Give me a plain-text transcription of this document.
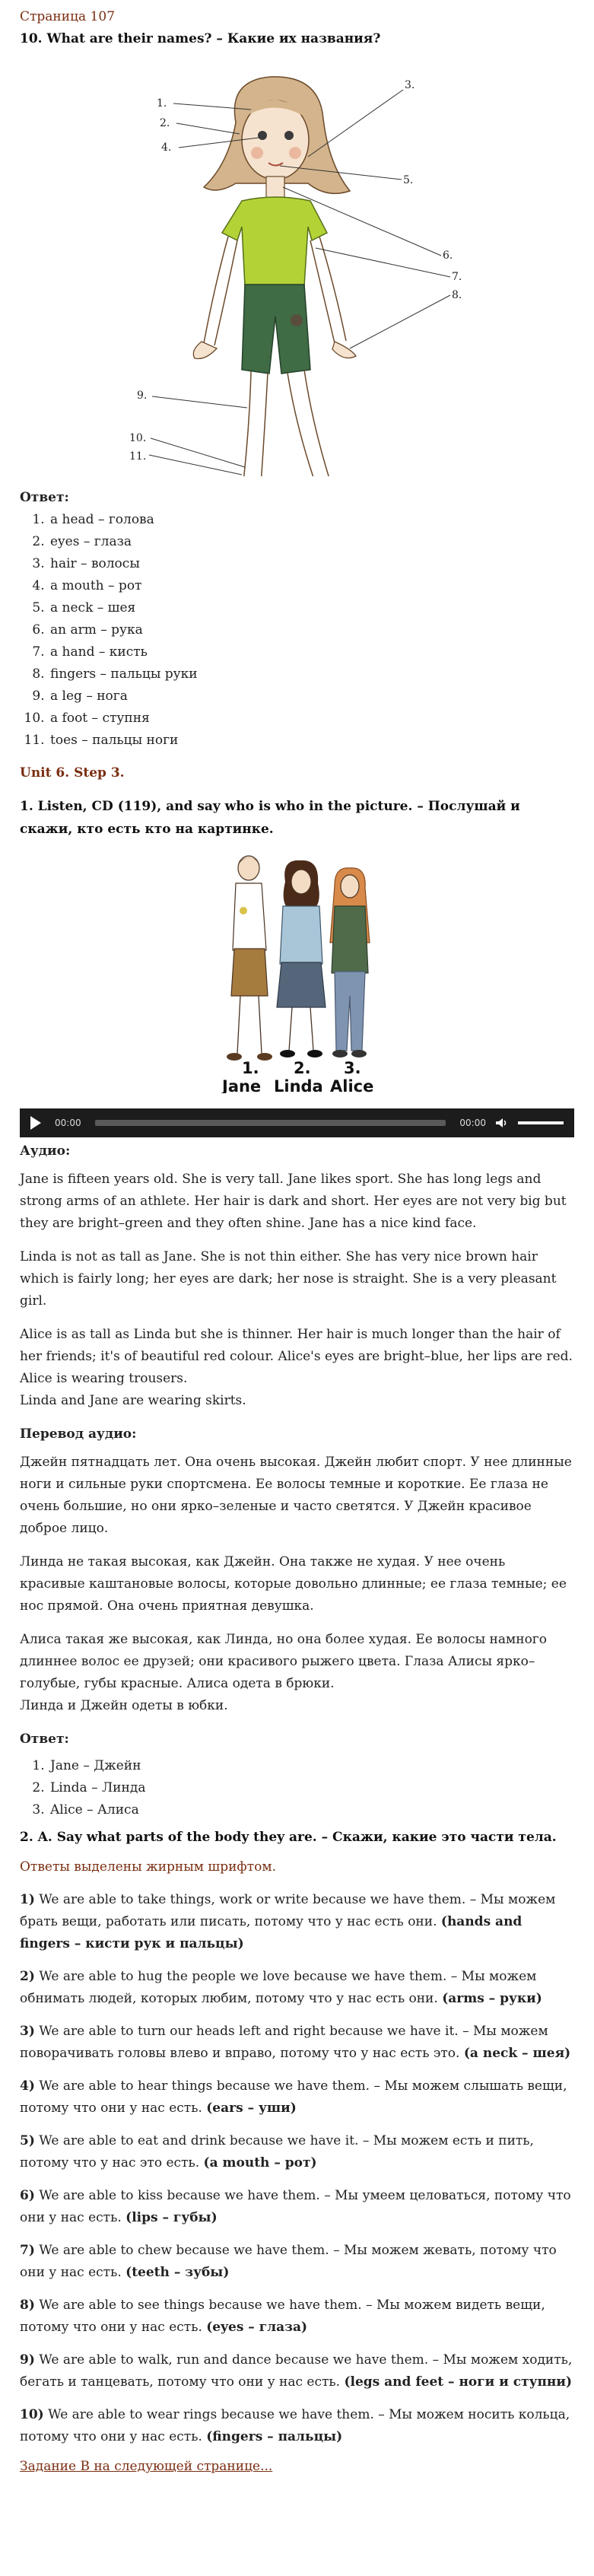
Страница 107
10. What are their names? – Какие их названия?
1.
2.
3.
4.
5.
6.
7.
8.
9.
10.
11.

Ответ:

1. a head – голова
2. eyes – глаза
3. hair – волосы
4. a mouth – рот
5. a neck – шея
6. an arm – рука
7. a hand – кисть
8. fingers – пальцы руки
9. a leg – нога
10. a foot – ступня
11. toes – пальцы ноги

Unit 6. Step 3.

1. Listen, CD (119), and say who is who in the picture. – Послушай и скажи, кто есть кто на картинке.
1. 2. 3.
Jane Linda Alice
00:00	00:00

Аудио:

Jane is fifteen years old. She is very tall. Jane likes sport. She has long legs and strong arms of an athlete. Her hair is dark and short. Her eyes are not very big but they are bright–green and they often shine. Jane has a nice kind face.

Linda is not as tall as Jane. She is not thin either. She has very nice brown hair which is fairly long; her eyes are dark; her nose is straight. She is a very pleasant girl.

Alice is as tall as Linda but she is thinner. Her hair is much longer than the hair of her friends; it's of beautiful red colour. Alice's eyes are bright–blue, her lips are red. Alice is wearing trousers.

Linda and Jane are wearing skirts.

Перевод аудио:

Джейн пятнадцать лет. Она очень высокая. Джейн любит спорт. У нее длинные ноги и сильные руки спортсмена. Ее волосы темные и короткие. Ее глаза не очень большие, но они ярко–зеленые и часто светятся. У Джейн красивое доброе лицо.

Линда не такая высокая, как Джейн. Она также не худая. У нее очень красивые каштановые волосы, которые довольно длинные; ее глаза темные; ее нос прямой. Она очень приятная девушка.

Алиса такая же высокая, как Линда, но она более худая. Ее волосы намного длиннее волос ее друзей; они красивого рыжего цвета. Глаза Алисы ярко–голубые, губы красные. Алиса одета в брюки.

Линда и Джейн одеты в юбки.

Ответ:

1. Jane – Джейн
2. Linda – Линда
3. Alice – Алиса
2. A. Say what parts of the body they are. – Скажи, какие это части тела.

Ответы выделены жирным шрифтом.

1) We are able to take things, work or write because we have them. – Мы можем брать вещи, работать или писать, потому что у нас есть они. (hands and fingers – кисти рук и пальцы)

2) We are able to hug the people we love because we have them. – Мы можем обнимать людей, которых любим, потому что у нас есть они. (arms – руки)

3) We are able to turn our heads left and right because we have it. – Мы можем поворачивать головы влево и вправо, потому что у нас есть это. (a neck – шея)

4) We are able to hear things because we have them. – Мы можем слышать вещи, потому что они у нас есть. (ears – уши)

5) We are able to eat and drink because we have it. – Мы можем есть и пить, потому что у нас это есть. (a mouth – рот)

6) We are able to kiss because we have them. – Мы умеем целоваться, потому что они у нас есть. (lips – губы)

7) We are able to chew because we have them. – Мы можем жевать, потому что они у нас есть. (teeth – зубы)

8) We are able to see things because we have them. – Мы можем видеть вещи, потому что они у нас есть. (eyes – глаза)

9) We are able to walk, run and dance because we have them. – Мы можем ходить, бегать и танцевать, потому что они у нас есть. (legs and feet – ноги и ступни)

10) We are able to wear rings because we have them. – Мы можем носить кольца, потому что они у нас есть. (fingers – пальцы)

Задание B на следующей странице...
